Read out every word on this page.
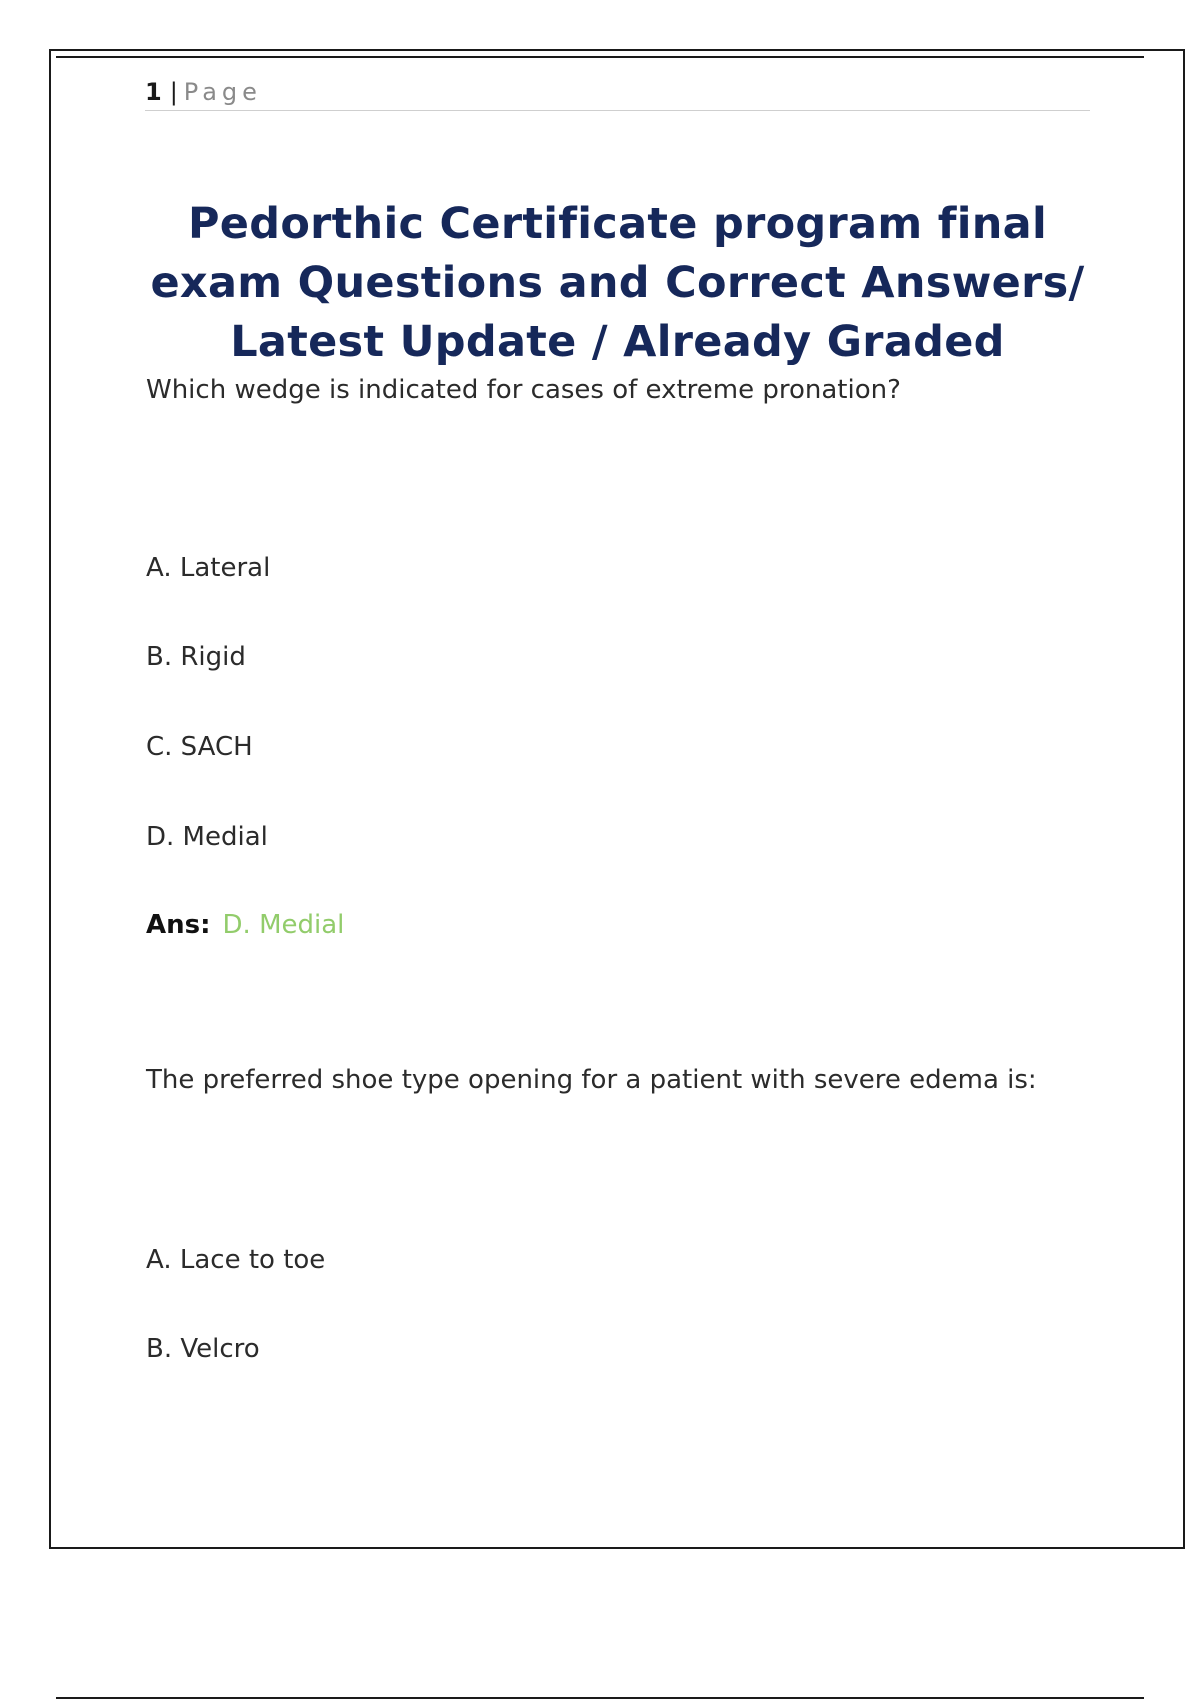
1 | Page
Pedorthic Certificate program final
exam Questions and Correct Answers/
Latest Update / Already Graded
Which wedge is indicated for cases of extreme pronation?
A. Lateral
B. Rigid
C. SACH
D. Medial
Ans: D. Medial
The preferred shoe type opening for a patient with severe edema is:
A. Lace to toe
B. Velcro
